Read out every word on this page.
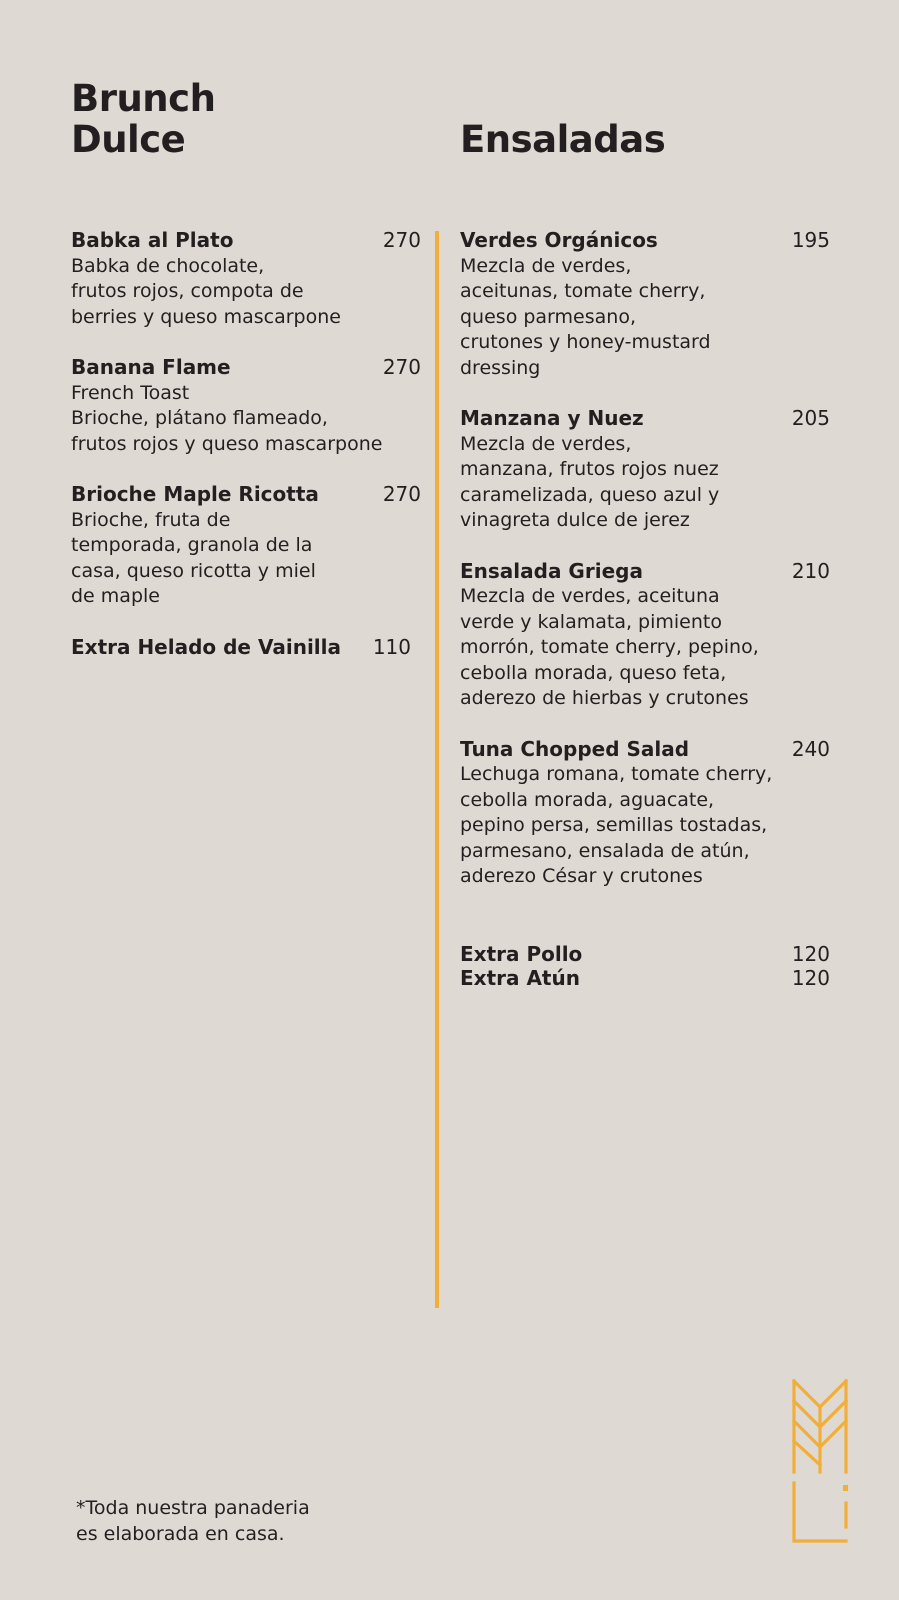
Brunch
Dulce	Ensaladas
Babka al Plato	270
Babka de chocolate,
frutos rojos, compota de
berries y queso mascarpone
Banana Flame	270
French Toast
Brioche, plátano flameado,
frutos rojos y queso mascarpone
Brioche Maple Ricotta	270
Brioche, fruta de
temporada, granola de la
casa, queso ricotta y miel
de maple
Extra Helado de Vainilla 110
Verdes Orgánicos	195
Mezcla de verdes,
aceitunas, tomate cherry,
queso parmesano,
crutones y honey-mustard
dressing
Manzana y Nuez	205
Mezcla de verdes,
manzana, frutos rojos nuez
caramelizada, queso azul y
vinagreta dulce de jerez
Ensalada Griega	210
Mezcla de verdes, aceituna
verde y kalamata, pimiento
morrón, tomate cherry, pepino,
cebolla morada, queso feta,
aderezo de hierbas y crutones
Tuna Chopped Salad	240
Lechuga romana, tomate cherry,
cebolla morada, aguacate,
pepino persa, semillas tostadas,
parmesano, ensalada de atún,
aderezo César y crutones
Extra Pollo	120
Extra Atún	120
*Toda nuestra panaderia
es elaborada en casa.
